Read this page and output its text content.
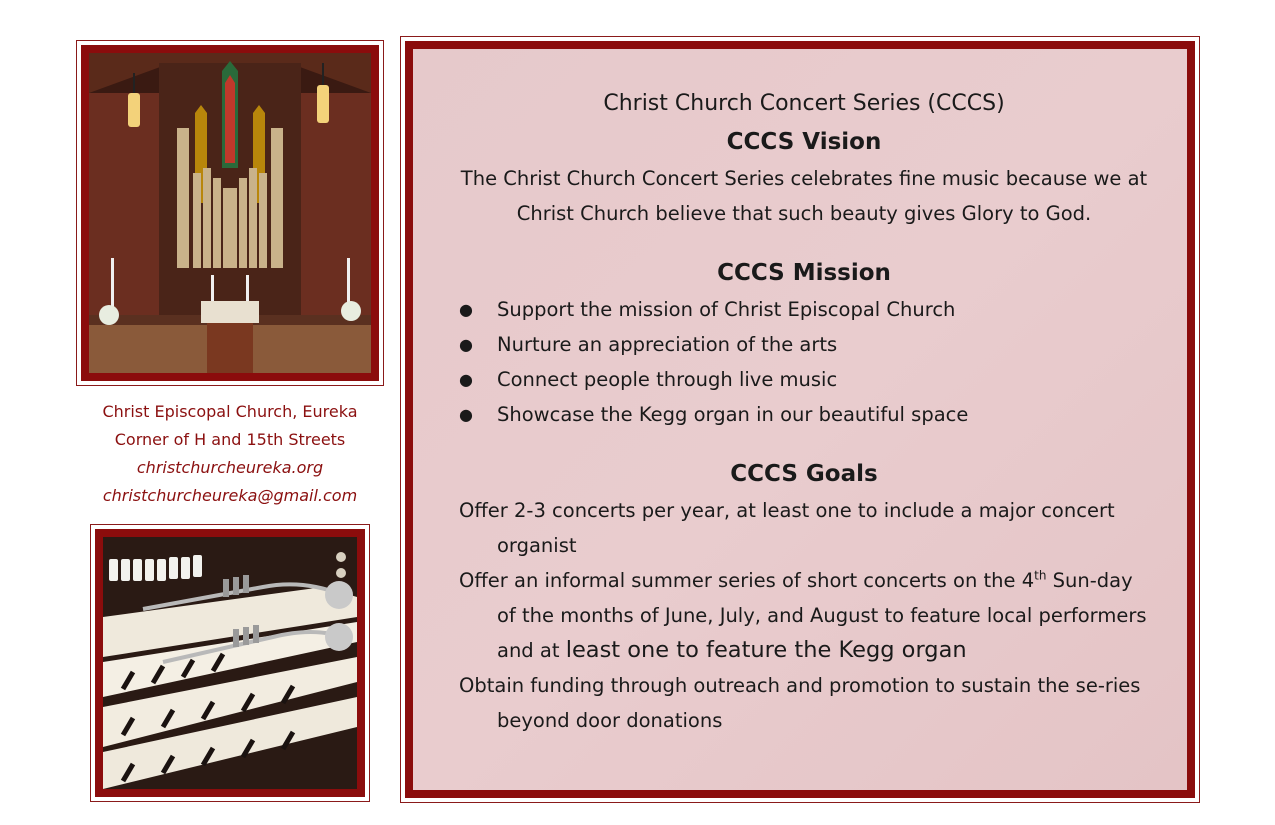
Christ Episcopal Church, Eureka
Corner of H and 15th Streets
christchurcheureka.org
christchurcheureka@gmail.com

Christ Church Concert Series (CCCS)

CCCS Vision

The Christ Church Concert Series celebrates fine music because we at Christ Church believe that such beauty gives Glory to God.

CCCS Mission

● Support the mission of Christ Episcopal Church
● Nurture an appreciation of the arts
● Connect people through live music
● Showcase the Kegg organ in our beautiful space

CCCS Goals

Offer 2-3 concerts per year, at least one to include a major concert organist

Offer an informal summer series of short concerts on the 4th Sun-day of the months of June, July, and August to feature local performers and at least one to feature the Kegg organ

Obtain funding through outreach and promotion to sustain the se-ries beyond door donations
